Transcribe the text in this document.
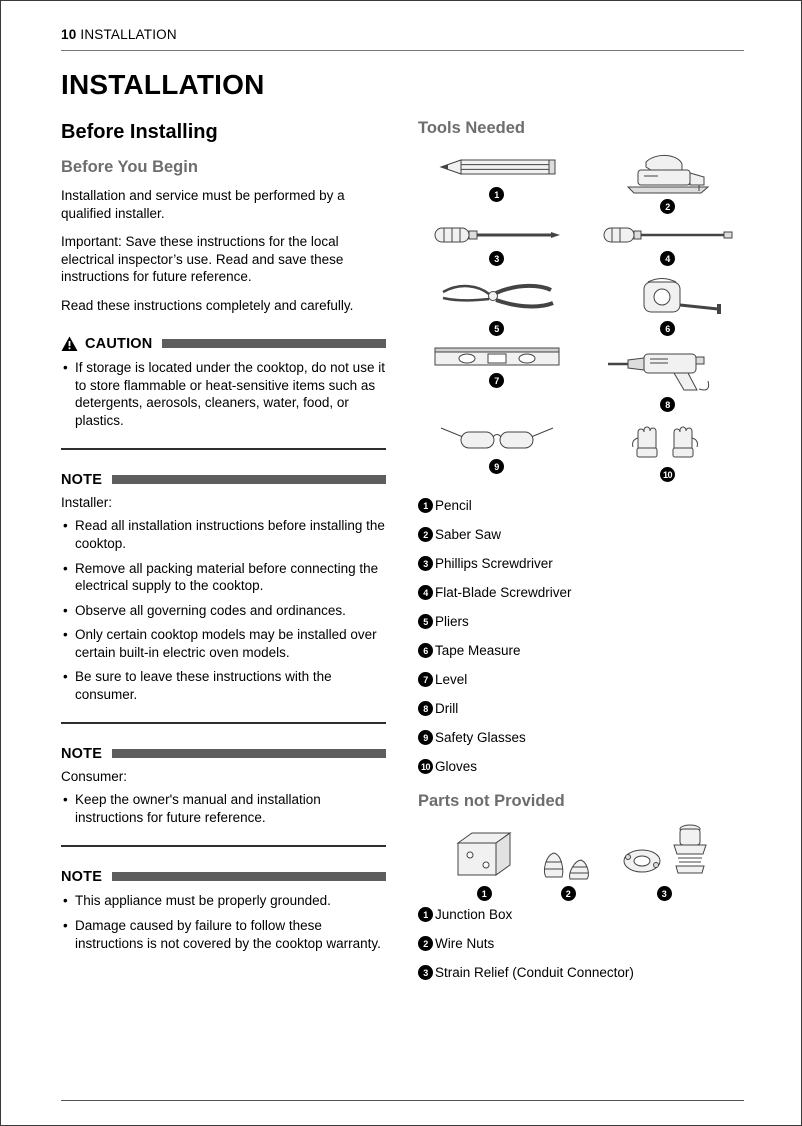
10 INSTALLATION
INSTALLATION
Before Installing
Before You Begin

Installation and service must be performed by a qualified installer.

Important: Save these instructions for the local electrical inspector’s use. Read and save these instructions for future reference.

Read these instructions completely and carefully.

CAUTION
• If storage is located under the cooktop, do not use it to store flammable or heat-sensitive items such as detergents, aerosols, cleaners, water, food, or plastics.
NOTE
Installer:
• Read all installation instructions before installing the cooktop.
• Remove all packing material before connecting the electrical supply to the cooktop.
• Observe all governing codes and ordinances.
• Only certain cooktop models may be installed over certain built-in electric oven models.
• Be sure to leave these instructions with the consumer.
NOTE
Consumer:
• Keep the owner's manual and installation instructions for future reference.
NOTE
• This appliance must be properly grounded.
• Damage caused by failure to follow these instructions is not covered by the cooktop warranty.
Tools Needed
1
2
3	4
5	6
7
8
9
10
1 Pencil
2 Saber Saw
3 Phillips Screwdriver
4 Flat-Blade Screwdriver
5 Pliers
6 Tape Measure
7 Level
8 Drill
9 Safety Glasses
10 Gloves
Parts not Provided
1	2	3
1 Junction Box
2 Wire Nuts
3 Strain Relief (Conduit Connector)
